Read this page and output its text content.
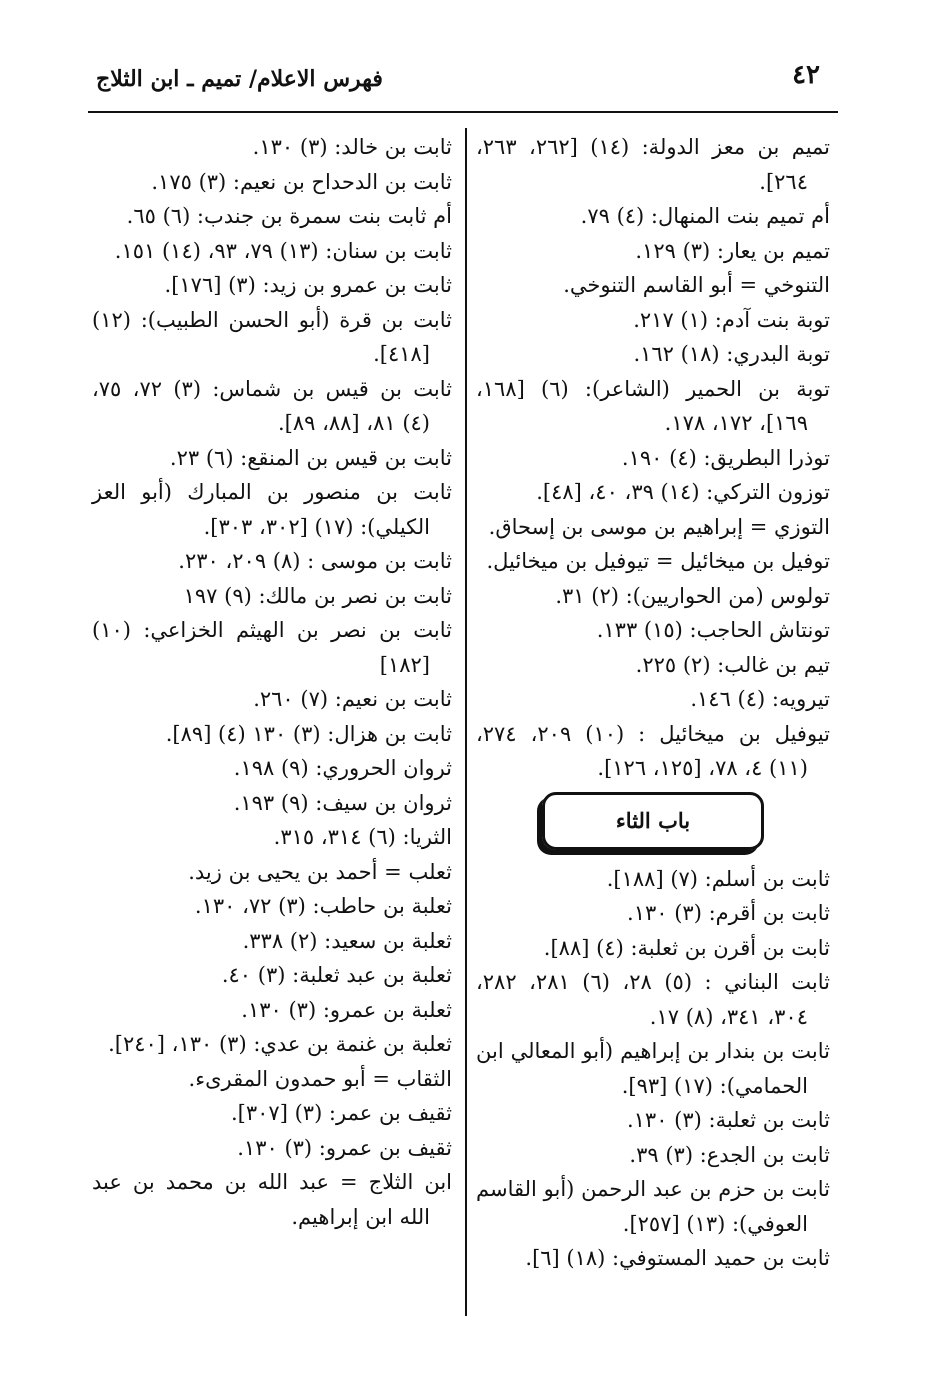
٤٢
فهرس الاعلام/ تميم ـ ابن الثلاج

تميم بن معز الدولة: (١٤) [٢٦٢، ٢٦٣، ٢٦٤].

أم تميم بنت المنهال: (٤) ٧٩.

تميم بن يعار: (٣) ١٢٩.

التنوخي = أبو القاسم التنوخي.

توبة بنت آدم: (١) ٢١٧.

توبة البدري: (١٨) ١٦٢.

توبة بن الحمير (الشاعر): (٦) [١٦٨، ١٦٩]، ١٧٢، ١٧٨.

توذرا البطريق: (٤) ١٩٠.

توزون التركي: (١٤) ٣٩، ٤٠، [٤٨].

التوزي = إبراهيم بن موسى بن إسحاق.

توفيل بن ميخائيل = تيوفيل بن ميخائيل.

تولوس (من الحواريين): (٢) ٣١.

تونتاش الحاجب: (١٥) ١٣٣.

تيم بن غالب: (٢) ٢٢٥.

تيرويه: (٤) ١٤٦.

تيوفيل بن ميخائيل : (١٠) ٢٠٩، ٢٧٤، (١١) ٤، ٧٨، [١٢٥، ١٢٦].

باب الثاء

ثابت بن أسلم: (٧) [١٨٨].

ثابت بن أقرم: (٣) ١٣٠.

ثابت بن أقرن بن ثعلبة: (٤) [٨٨].

ثابت البناني : (٥) ٢٨، (٦) ٢٨١، ٢٨٢، ٣٠٤، ٣٤١، (٨) ١٧.

ثابت بن بندار بن إبراهيم (أبو المعالي ابن الحمامي): (١٧) [٩٣].

ثابت بن ثعلبة: (٣) ١٣٠.

ثابت بن الجدع: (٣) ٣٩.

ثابت بن حزم بن عبد الرحمن (أبو القاسم العوفي): (١٣) [٢٥٧].

ثابت بن حميد المستوفي: (١٨) [٦].

ثابت بن خالد: (٣) ١٣٠.

ثابت بن الدحداح بن نعيم: (٣) ١٧٥.

أم ثابت بنت سمرة بن جندب: (٦) ٦٥.

ثابت بن سنان: (١٣) ٧٩، ٩٣، (١٤) ١٥١.

ثابت بن عمرو بن زيد: (٣) [١٧٦].

ثابت بن قرة (أبو الحسن الطبيب): (١٢) [٤١٨].

ثابت بن قيس بن شماس: (٣) ٧٢، ٧٥، (٤) ٨١، [٨٨، ٨٩].

ثابت بن قيس بن المنقع: (٦) ٢٣.

ثابت بن منصور بن المبارك (أبو العز الكيلي): (١٧) [٣٠٢، ٣٠٣].

ثابت بن موسى : (٨) ٢٠٩، ٢٣٠.

ثابت بن نصر بن مالك: (٩) ١٩٧

ثابت بن نصر بن الهيثم الخزاعي: (١٠) [١٨٢]

ثابت بن نعيم: (٧) ٢٦٠.

ثابت بن هزال: (٣) ١٣٠ (٤) [٨٩].

ثروان الحروري: (٩) ١٩٨.

ثروان بن سيف: (٩) ١٩٣.

الثريا: (٦) ٣١٤، ٣١٥.

ثعلب = أحمد بن يحيى بن زيد.

ثعلبة بن حاطب: (٣) ٧٢، ١٣٠.

ثعلبة بن سعيد: (٢) ٣٣٨.

ثعلبة بن عبد ثعلبة: (٣) ٤٠.

ثعلبة بن عمرو: (٣) ١٣٠.

ثعلبة بن غنمة بن عدي: (٣) ١٣٠، [٢٤٠].

الثقاب = أبو حمدون المقرىء.

ثقيف بن عمر: (٣) [٣٠٧].

ثقيف بن عمرو: (٣) ١٣٠.

ابن الثلاج = عبد الله بن محمد بن عبد الله ابن إبراهيم.
